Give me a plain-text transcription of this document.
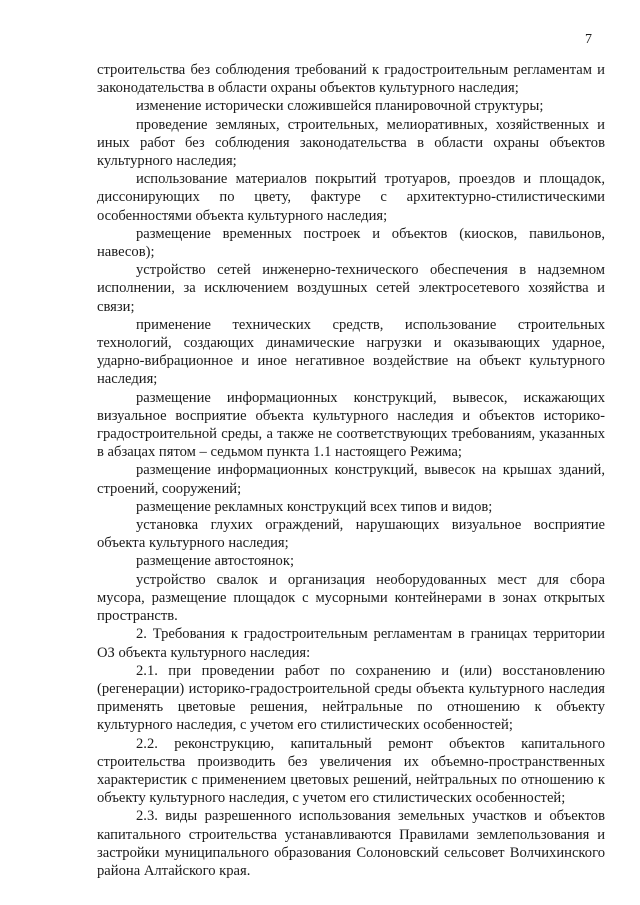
7

строительства без соблюдения требований к градостроительным регламентам и законодательства в области охраны объектов культурного наследия;

изменение исторически сложившейся планировочной структуры;

проведение земляных, строительных, мелиоративных, хозяйственных и иных работ без соблюдения законодательства в области охраны объектов культурного наследия;

использование материалов покрытий тротуаров, проездов и площадок, диссонирующих по цвету, фактуре с архитектурно-стилистическими особенностями объекта культурного наследия;

размещение временных построек и объектов (киосков, павильонов, навесов);

устройство сетей инженерно-технического обеспечения в надземном исполнении, за исключением воздушных сетей электросетевого хозяйства и связи;

применение технических средств, использование строительных технологий, создающих динамические нагрузки и оказывающих ударное, ударно-вибрационное и иное негативное воздействие на объект культурного наследия;

размещение информационных конструкций, вывесок, искажающих визуальное восприятие объекта культурного наследия и объектов историко-градостроительной среды, а также не соответствующих требованиям, указанных в абзацах пятом – седьмом пункта 1.1 настоящего Режима;

размещение информационных конструкций, вывесок на крышах зданий, строений, сооружений;

размещение рекламных конструкций всех типов и видов;

установка глухих ограждений, нарушающих визуальное восприятие объекта культурного наследия;

размещение автостоянок;

устройство свалок и организация необорудованных мест для сбора мусора, размещение площадок с мусорными контейнерами в зонах открытых пространств.

2. Требования к градостроительным регламентам в границах территории ОЗ объекта культурного наследия:

2.1. при проведении работ по сохранению и (или) восстановлению (регенерации) историко-градостроительной среды объекта культурного наследия применять цветовые решения, нейтральные по отношению к объекту культурного наследия, с учетом его стилистических особенностей;

2.2. реконструкцию, капитальный ремонт объектов капитального строительства производить без увеличения их объемно-пространственных характеристик с применением цветовых решений, нейтральных по отношению к объекту культурного наследия, с учетом его стилистических особенностей;

2.3. виды разрешенного использования земельных участков и объектов капитального строительства устанавливаются Правилами землепользования и застройки муниципального образования Солоновский сельсовет Волчихинского района Алтайского края.
